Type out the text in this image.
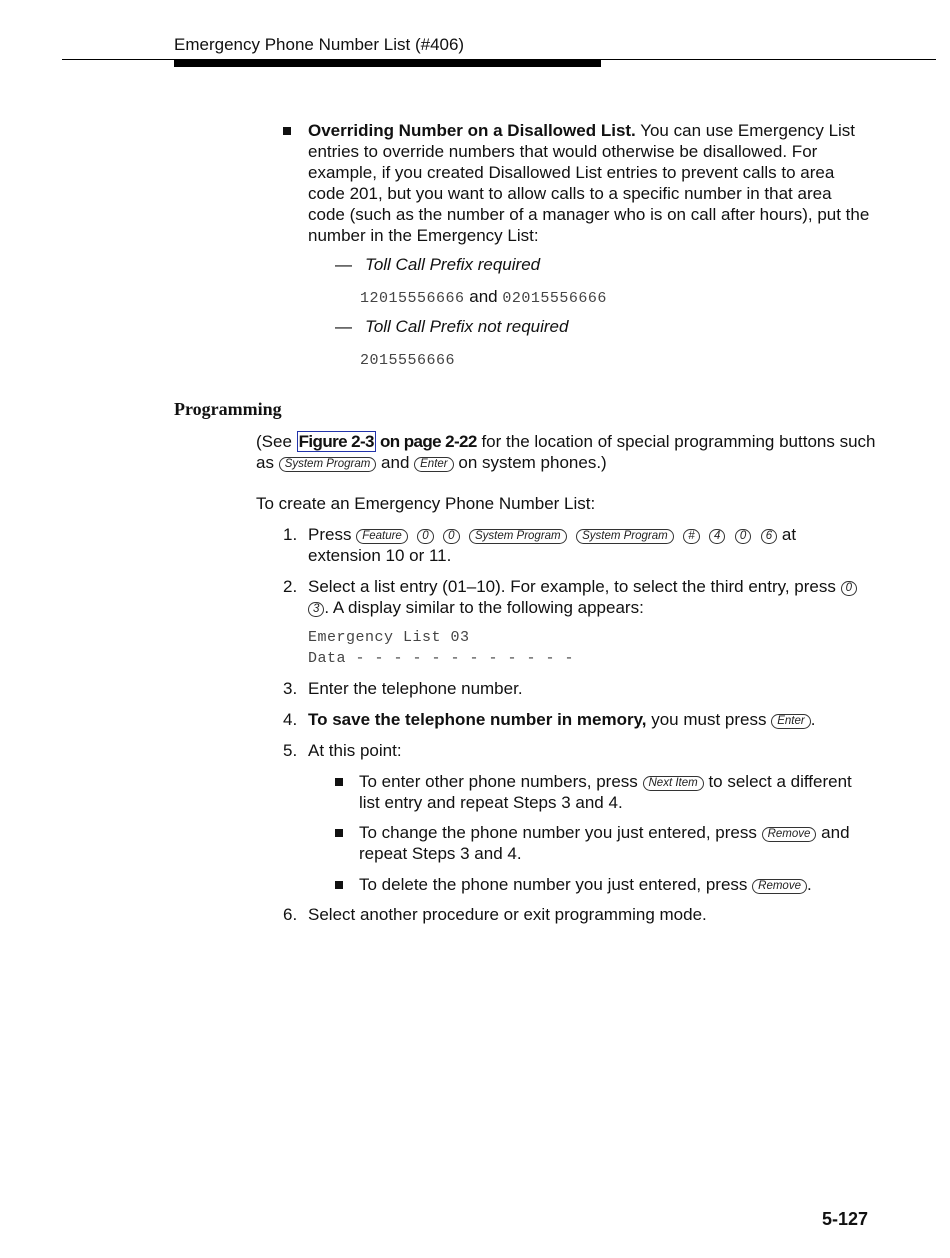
Emergency Phone Number List (#406)
Overriding Number on a Disallowed List. You can use Emergency List entries to override numbers that would otherwise be disallowed. For example, if you created Disallowed List entries to prevent calls to area code 201, but you want to allow calls to a specific number in that area code (such as the number of a manager who is on call after hours), put the number in the Emergency List:
— Toll Call Prefix required
12015556666 and 02015556666
— Toll Call Prefix not required
2015556666
Programming
(See Figure 2-3 on page 2-22 for the location of special programming buttons such as System Program and Enter on system phones.)
To create an Emergency Phone Number List:
1. Press Feature 0 0 System Program System Program # 4 0 6 at extension 10 or 11.
2. Select a list entry (01–10). For example, to select the third entry, press 0 3 . A display similar to the following appears:
Emergency List 03
Data - - - - - - - - - - - -
3. Enter the telephone number.
4. To save the telephone number in memory, you must press Enter .
5. At this point:
To enter other phone numbers, press Next Item to select a different list entry and repeat Steps 3 and 4.
To change the phone number you just entered, press Remove and repeat Steps 3 and 4.
To delete the phone number you just entered, press Remove .
6. Select another procedure or exit programming mode.
5-127
